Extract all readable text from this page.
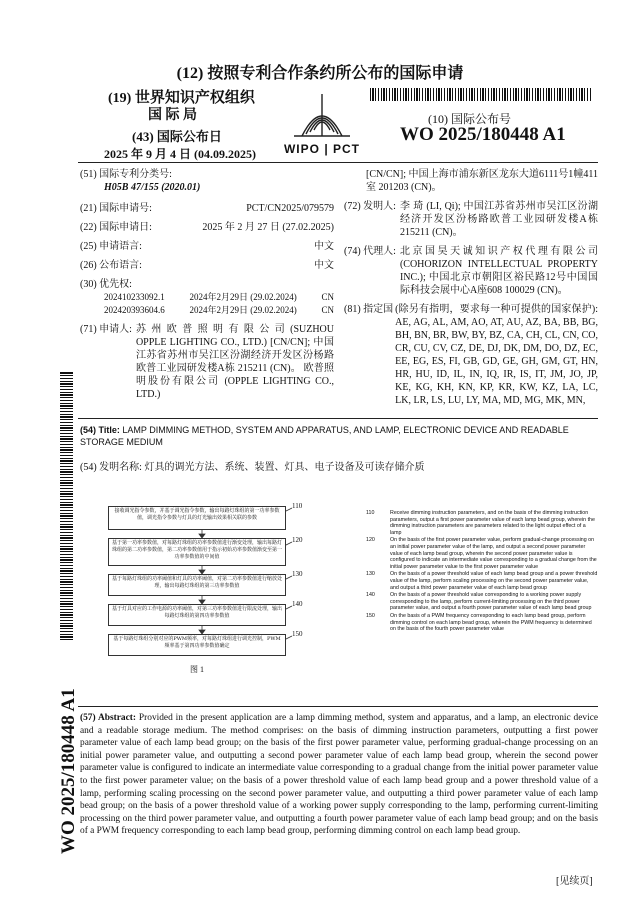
(12) 按照专利合作条约所公布的国际申请
(19) 世界知识产权组织
国 际 局
(43) 国际公布日
2025 年 9 月 4 日 (04.09.2025)	WIPO | PCT
(10) 国际公布号
WO 2025/180448 A1
(51) 国际专利分类号:
H05B 47/155 (2020.01)
(21) 国际申请号:	PCT/CN2025/079579
(22) 国际申请日:	2025 年 2 月 27 日 (27.02.2025)
(25) 申请语言:	中文
(26) 公布语言:	中文
(30) 优先权:
202410233092.1	2024年2月29日 (29.02.2024)	CN
202420393604.6	2024年2月29日 (29.02.2024)	CN
(71) 申请人: 苏 州 欧 普 照 明 有 限 公 司 (SUZHOU OPPLE LIGHTING CO., LTD.) [CN/CN]; 中国江苏省苏州市吴江区汾湖经济开发区汾杨路欧普工业园研发楼A栋 215211 (CN)。 欧普照明股份有限公司 (OPPLE LIGHTING CO., LTD.)
[CN/CN]; 中国上海市浦东新区龙东大道6111号1幢411室 201203 (CN)。
(72) 发明人: 李 琦 (LI, Qi); 中国江苏省苏州市吴江区汾湖经济开发区汾杨路欧普工业园研发楼A栋 215211 (CN)。
(74) 代理人: 北京国昊天诚知识产权代理有限公司 (COHORIZON INTELLECTUAL PROPERTY INC.); 中国北京市朝阳区裕民路12号中国国际科技会展中心A座608 100029 (CN)。
(81) 指定国 (除另有指明，要求每一种可提供的国家保护): AE, AG, AL, AM, AO, AT, AU, AZ, BA, BB, BG, BH, BN, BR, BW, BY, BZ, CA, CH, CL, CN, CO, CR, CU, CV, CZ, DE, DJ, DK, DM, DO, DZ, EC, EE, EG, ES, FI, GB, GD, GE, GH, GM, GT, HN, HR, HU, ID, IL, IN, IQ, IR, IS, IT, JM, JO, JP, KE, KG, KH, KN, KP, KR, KW, KZ, LA, LC, LK, LR, LS, LU, LY, MA, MD, MG, MK, MN,
(54) Title: LAMP DIMMING METHOD, SYSTEM AND APPARATUS, AND LAMP, ELECTRONIC DEVICE AND READABLE STORAGE MEDIUM
(54) 发明名称: 灯具的调光方法、系统、装置、灯具、电子设备及可读存储介质
接收调光指令参数，并基于调光指令参数，输出每路灯珠组的第一功率参数值，调光指令参数与灯具的灯光输出效果相关联的参数
110
基于第一功率参数值，对每路灯珠组的功率参数值进行渐变处理，输出每路灯珠组的第二功率参数值，第二功率参数值用于指示初始功率参数值渐变至第一功率参数值的中间值
120
基于每路灯珠组的功率阈值和灯具的功率阈值，对第二功率参数值进行缩放处理，输出每路灯珠组的第三功率参数值
130
基于灯具对应的工作电源的功率阈值，对第三功率参数值进行限流处理，输出每路灯珠组的第四功率参数值
140
基于每路灯珠组分别对应的PWM频率，对每路灯珠组进行调光控制，PWM频率基于第四功率参数值确定
150
图 1
110	Receive dimming instruction parameters, and on the basis of the dimming instruction parameters, output a first power parameter value of each lamp bead group, wherein the dimming instruction parameters are parameters related to the light output effect of a lamp
120	On the basis of the first power parameter value, perform gradual-change processing on an initial power parameter value of the lamp, and output a second power parameter value of each lamp bead group, wherein the second power parameter value is configured to indicate an intermediate value corresponding to a gradual change from the initial power parameter value to the first power parameter value
130	On the basis of a power threshold value of each lamp bead group and a power threshold value of the lamp, perform scaling processing on the second power parameter value, and output a third power parameter value of each lamp bead group
140	On the basis of a power threshold value corresponding to a working power supply corresponding to the lamp, perform current-limiting processing on the third power parameter value, and output a fourth power parameter value of each lamp bead group
150	On the basis of a PWM frequency corresponding to each lamp bead group, perform dimming control on each lamp bead group, wherein the PWM frequency is determined on the basis of the fourth power parameter value
(57) Abstract: Provided in the present application are a lamp dimming method, system and apparatus, and a lamp, an electronic device and a readable storage medium. The method comprises: on the basis of dimming instruction parameters, outputting a first power parameter value of each lamp bead group; on the basis of the first power parameter value, performing gradual-change processing on an initial power parameter value, and outputting a second power parameter value of each lamp bead group, wherein the second power parameter value is configured to indicate an intermediate value corresponding to a gradual change from the initial power parameter value to the first power parameter value; on the basis of a power threshold value of each lamp bead group and a power threshold value of a lamp, performing scaling processing on the second power parameter value, and outputting a third power parameter value of each lamp bead group; on the basis of a power threshold value of a working power supply corresponding to the lamp, performing current-limiting processing on the third power parameter value, and outputting a fourth power parameter value of each lamp bead group; and on the basis of a PWM frequency corresponding to each lamp bead group, performing dimming control on each lamp bead group.
WO 2025/180448 A1
[见续页]
